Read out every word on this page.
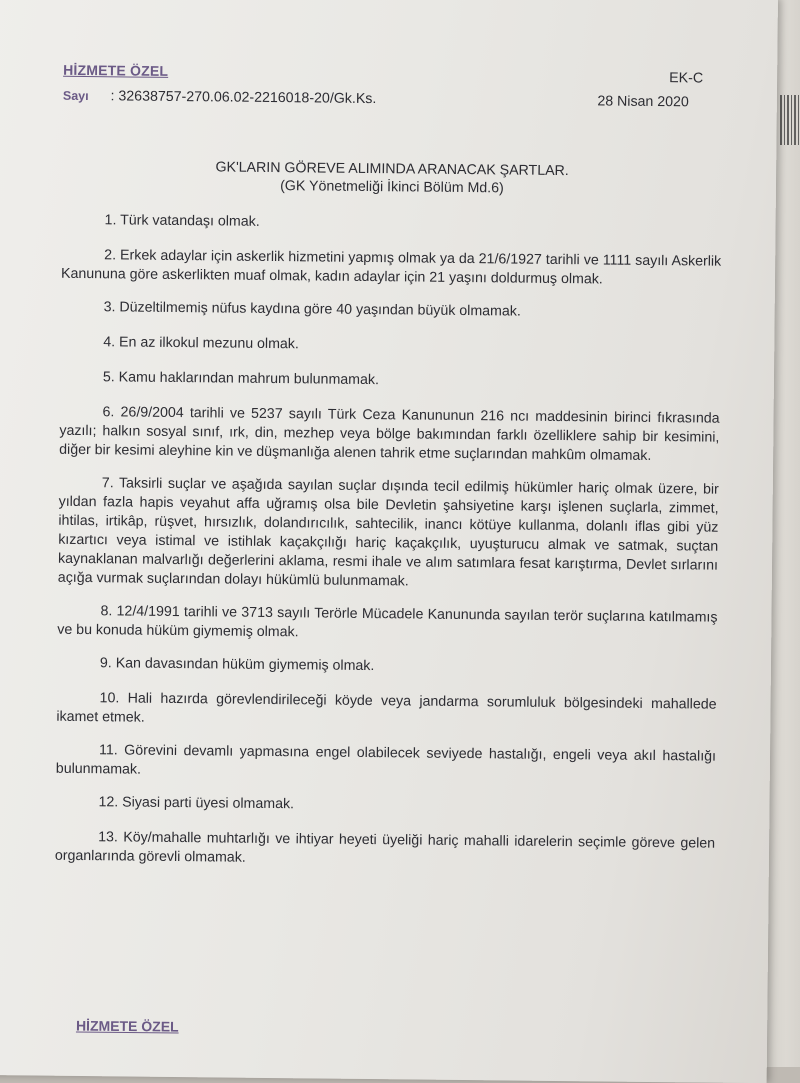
HİZMETE ÖZEL	EK-C
Sayı : 32638757-270.06.02-2216018-20/Gk.Ks.	28 Nisan 2020
GK'LARIN GÖREVE ALIMINDA ARANACAK ŞARTLAR.
(GK Yönetmeliği İkinci Bölüm Md.6)

1. Türk vatandaşı olmak.

2. Erkek adaylar için askerlik hizmetini yapmış olmak ya da 21/6/1927 tarihli ve 1111 sayılı Askerlik Kanununa göre askerlikten muaf olmak, kadın adaylar için 21 yaşını doldurmuş olmak.

3. Düzeltilmemiş nüfus kaydına göre 40 yaşından büyük olmamak.

4. En az ilkokul mezunu olmak.

5. Kamu haklarından mahrum bulunmamak.

6. 26/9/2004 tarihli ve 5237 sayılı Türk Ceza Kanununun 216 ncı maddesinin birinci fıkrasında yazılı; halkın sosyal sınıf, ırk, din, mezhep veya bölge bakımından farklı özelliklere sahip bir kesimini, diğer bir kesimi aleyhine kin ve düşmanlığa alenen tahrik etme suçlarından mahkûm olmamak.

7. Taksirli suçlar ve aşağıda sayılan suçlar dışında tecil edilmiş hükümler hariç olmak üzere, bir yıldan fazla hapis veyahut affa uğramış olsa bile Devletin şahsiyetine karşı işlenen suçlarla, zimmet, ihtilas, irtikâp, rüşvet, hırsızlık, dolandırıcılık, sahtecilik, inancı kötüye kullanma, dolanlı iflas gibi yüz kızartıcı veya istimal ve istihlak kaçakçılığı hariç kaçakçılık, uyuşturucu almak ve satmak, suçtan kaynaklanan malvarlığı değerlerini aklama, resmi ihale ve alım satımlara fesat karıştırma, Devlet sırlarını açığa vurmak suçlarından dolayı hükümlü bulunmamak.

8. 12/4/1991 tarihli ve 3713 sayılı Terörle Mücadele Kanununda sayılan terör suçlarına katılmamış ve bu konuda hüküm giymemiş olmak.

9. Kan davasından hüküm giymemiş olmak.

10. Hali hazırda görevlendirileceği köyde veya jandarma sorumluluk bölgesindeki mahallede ikamet etmek.

11. Görevini devamlı yapmasına engel olabilecek seviyede hastalığı, engeli veya akıl hastalığı bulunmamak.

12. Siyasi parti üyesi olmamak.

13. Köy/mahalle muhtarlığı ve ihtiyar heyeti üyeliği hariç mahalli idarelerin seçimle göreve gelen organlarında görevli olmamak.

HİZMETE ÖZEL
